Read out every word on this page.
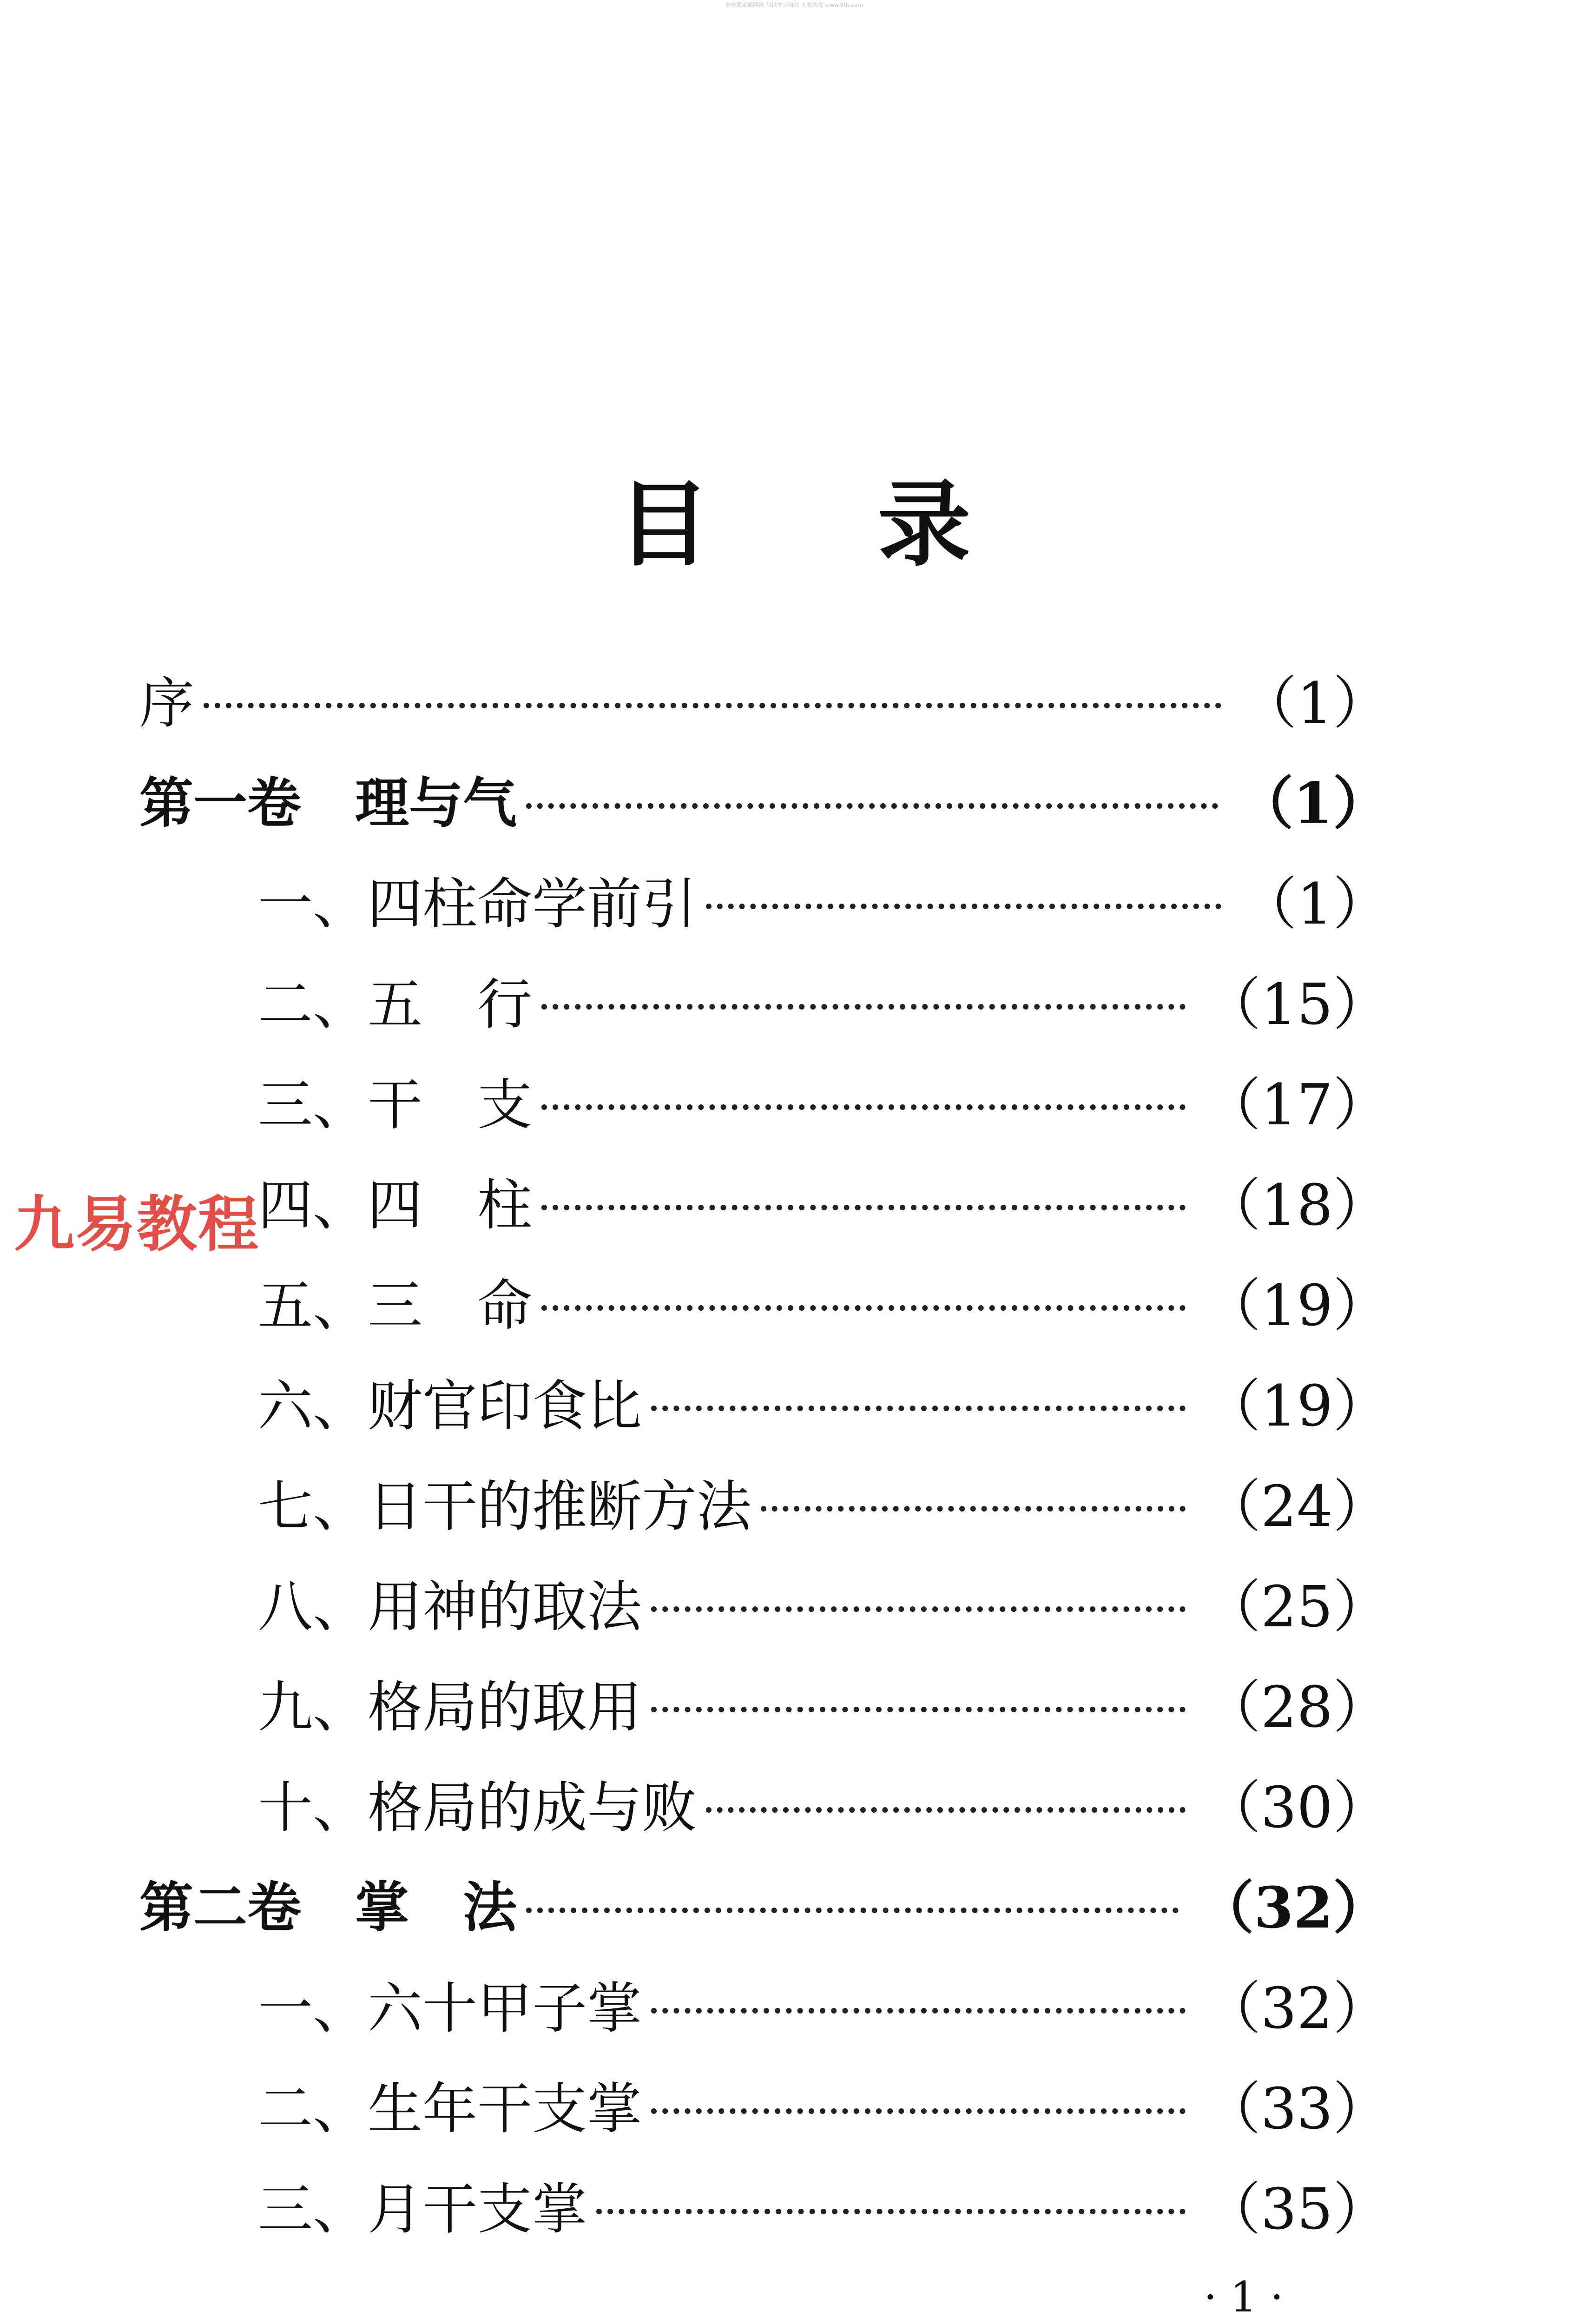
本资源来源网络 仅供学习研究 九易教程 www.9th.com
目录
序	（1）
第一卷　理与气	（1）
一、四柱命学前引	（1）
二、五　行	（15）
三、干　支	（17）
四、四　柱	（18）
五、三　命	（19）
六、财官印食比	（19）
七、日干的推断方法	（24）
八、用神的取法	（25）
九、格局的取用	（28）
十、格局的成与败	（30）
第二卷　掌　法	（32）
一、六十甲子掌	（32）
二、生年干支掌	（33）
三、月干支掌	（35）
九易教程
· 1 ·
